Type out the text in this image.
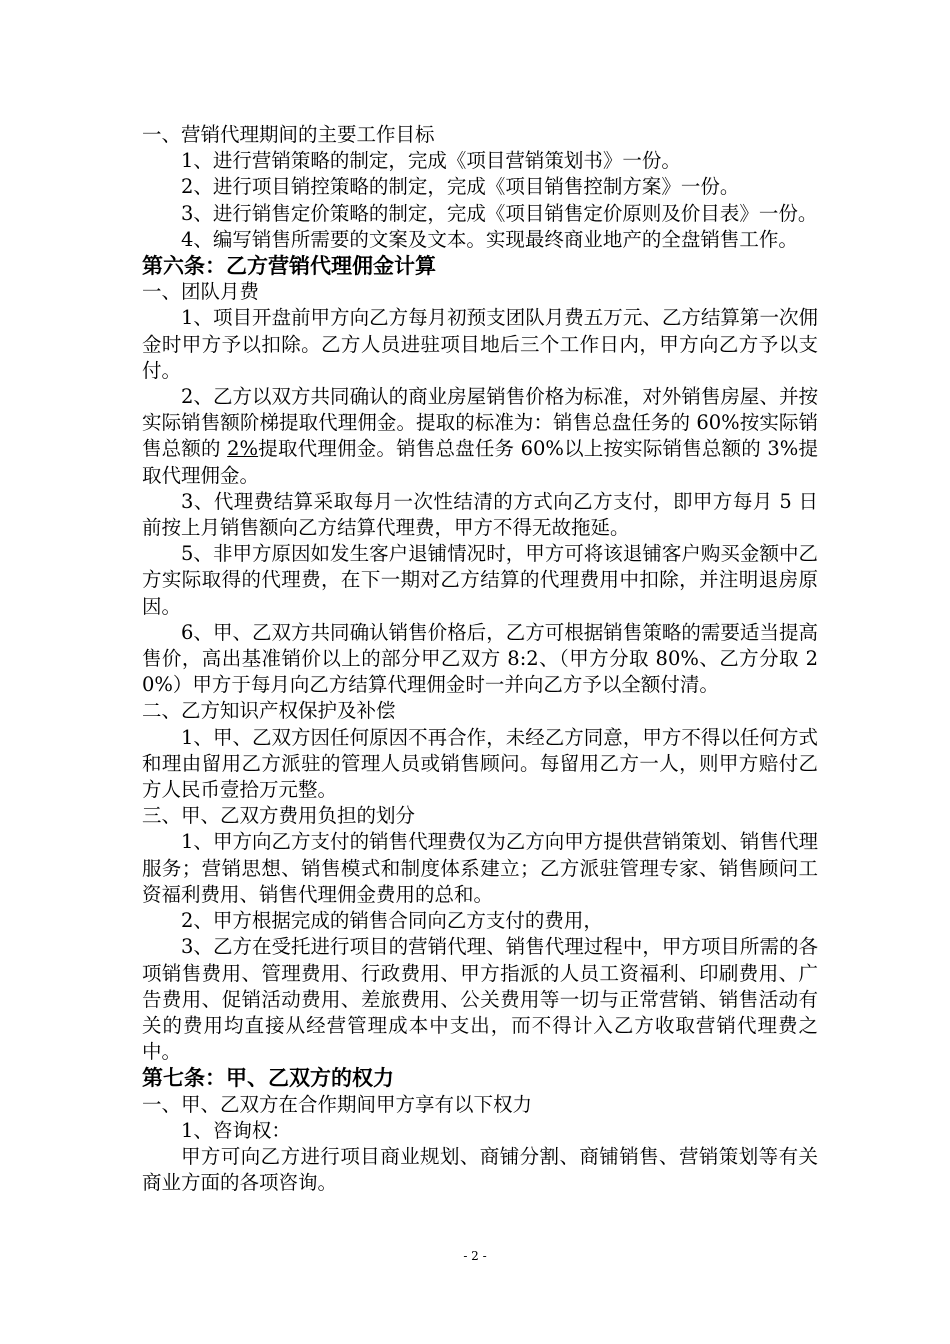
一、营销代理期间的主要工作目标

1、进行营销策略的制定，完成《项目营销策划书》一份。

2、进行项目销控策略的制定，完成《项目销售控制方案》一份。

3、进行销售定价策略的制定，完成《项目销售定价原则及价目表》一份。

4、编写销售所需要的文案及文本。实现最终商业地产的全盘销售工作。

第六条：乙方营销代理佣金计算

一、团队月费

1、项目开盘前甲方向乙方每月初预支团队月费五万元、乙方结算第一次佣金时甲方予以扣除。乙方人员进驻项目地后三个工作日内，甲方向乙方予以支付。

2、乙方以双方共同确认的商业房屋销售价格为标准，对外销售房屋、并按实际销售额阶梯提取代理佣金。提取的标准为：销售总盘任务的 60%按实际销售总额的 2%提取代理佣金。销售总盘任务 60%以上按实际销售总额的 3%提取代理佣金。

3、代理费结算采取每月一次性结清的方式向乙方支付，即甲方每月 5 日前按上月销售额向乙方结算代理费，甲方不得无故拖延。

5、非甲方原因如发生客户退铺情况时，甲方可将该退铺客户购买金额中乙方实际取得的代理费，在下一期对乙方结算的代理费用中扣除，并注明退房原因。

6、甲、乙双方共同确认销售价格后，乙方可根据销售策略的需要适当提高售价，高出基准销价以上的部分甲乙双方 8:2、（甲方分取 80%、乙方分取 20%）甲方于每月向乙方结算代理佣金时一并向乙方予以全额付清。

二、乙方知识产权保护及补偿

1、甲、乙双方因任何原因不再合作，未经乙方同意，甲方不得以任何方式和理由留用乙方派驻的管理人员或销售顾问。每留用乙方一人，则甲方赔付乙方人民币壹拾万元整。

三、甲、乙双方费用负担的划分

1、甲方向乙方支付的销售代理费仅为乙方向甲方提供营销策划、销售代理服务；营销思想、销售模式和制度体系建立；乙方派驻管理专家、销售顾问工资福利费用、销售代理佣金费用的总和。

2、甲方根据完成的销售合同向乙方支付的费用，

3、乙方在受托进行项目的营销代理、销售代理过程中，甲方项目所需的各项销售费用、管理费用、行政费用、甲方指派的人员工资福利、印刷费用、广告费用、促销活动费用、差旅费用、公关费用等一切与正常营销、销售活动有关的费用均直接从经营管理成本中支出，而不得计入乙方收取营销代理费之中。

第七条：甲、乙双方的权力

一、甲、乙双方在合作期间甲方享有以下权力

1、咨询权：

甲方可向乙方进行项目商业规划、商铺分割、商铺销售、营销策划等有关商业方面的各项咨询。

- 2 -
